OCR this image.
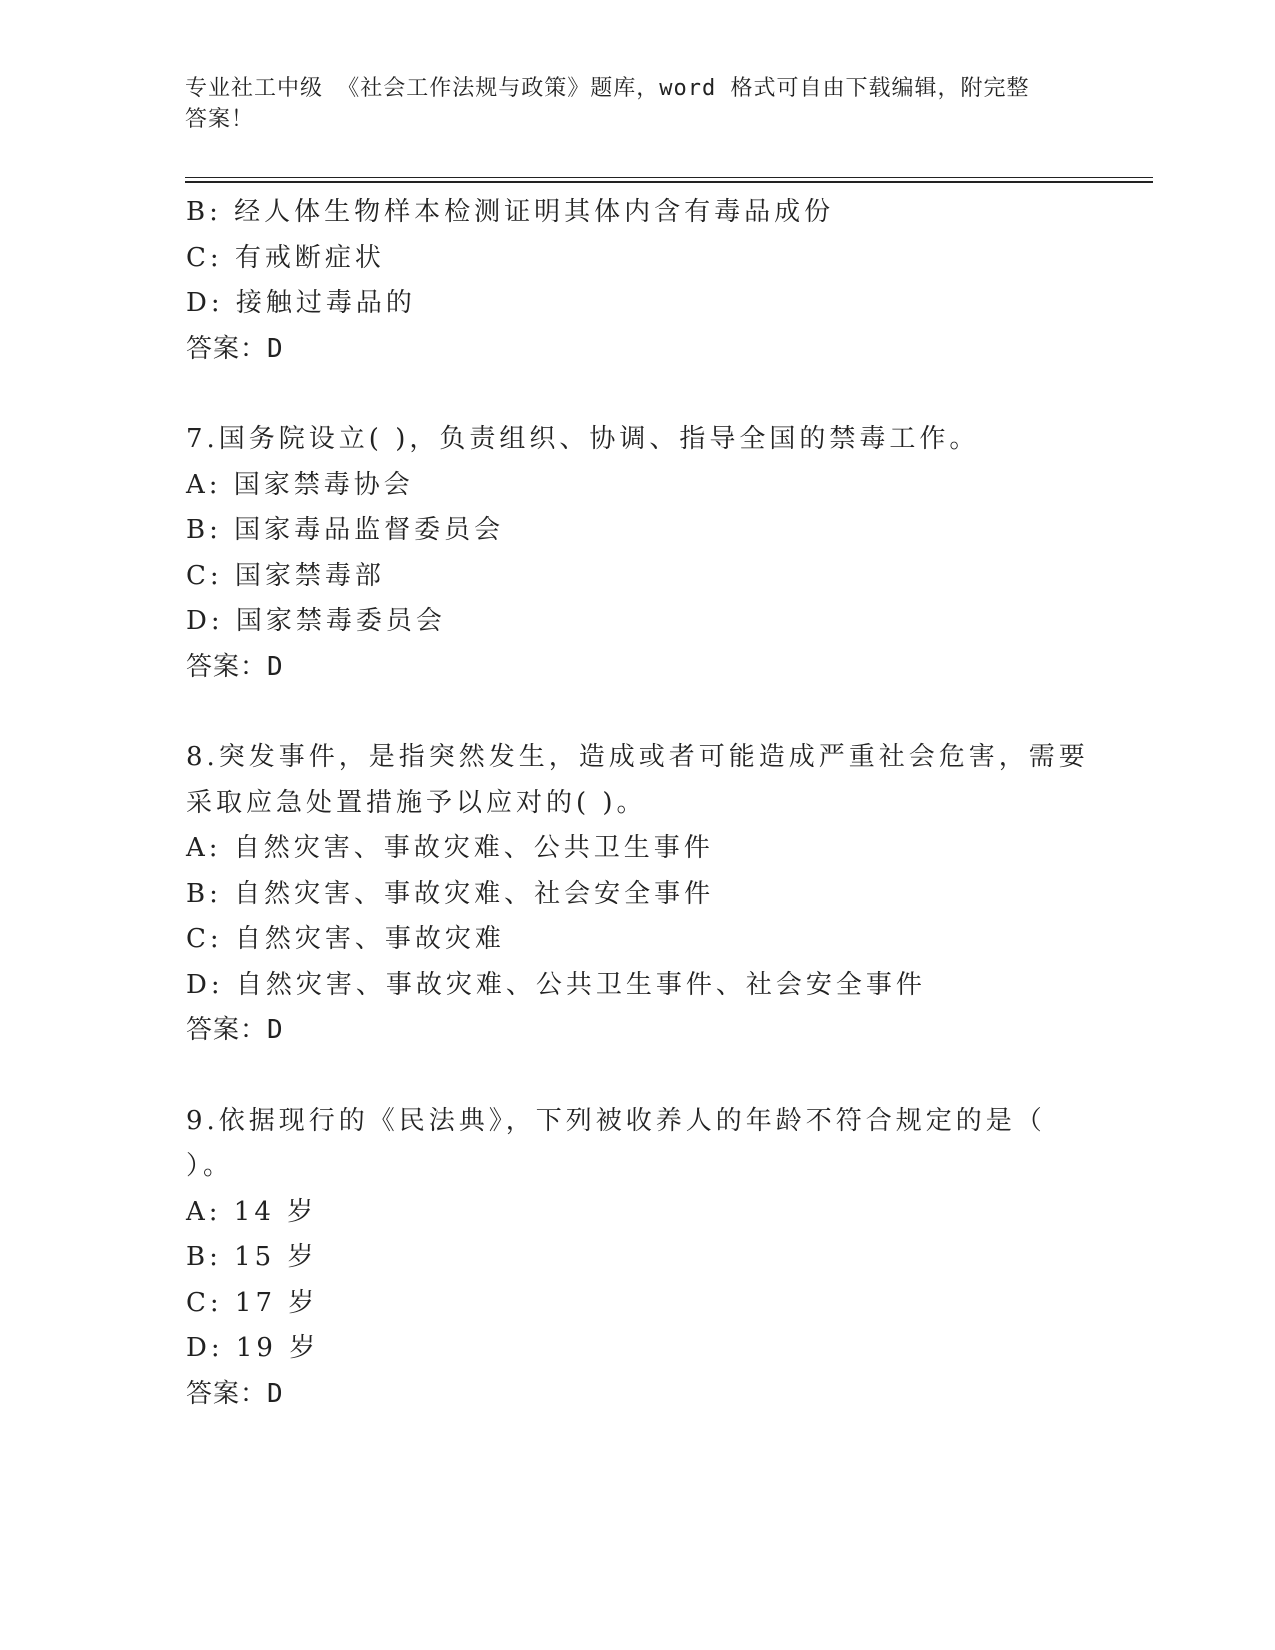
专业社工中级 《社会工作法规与政策》题库，word 格式可自由下载编辑，附完整
答案！
B: 经人体生物样本检测证明其体内含有毒品成份
C: 有戒断症状
D: 接触过毒品的
答案：D
7.国务院设立( )，负责组织、协调、指导全国的禁毒工作。
A: 国家禁毒协会
B: 国家毒品监督委员会
C: 国家禁毒部
D: 国家禁毒委员会
答案：D
8.突发事件，是指突然发生，造成或者可能造成严重社会危害，需要
采取应急处置措施予以应对的( )。
A: 自然灾害、事故灾难、公共卫生事件
B: 自然灾害、事故灾难、社会安全事件
C: 自然灾害、事故灾难
D: 自然灾害、事故灾难、公共卫生事件、社会安全事件
答案：D
9.依据现行的《民法典》，下列被收养人的年龄不符合规定的是（
）。
A: 14 岁
B: 15 岁
C: 17 岁
D: 19 岁
答案：D
